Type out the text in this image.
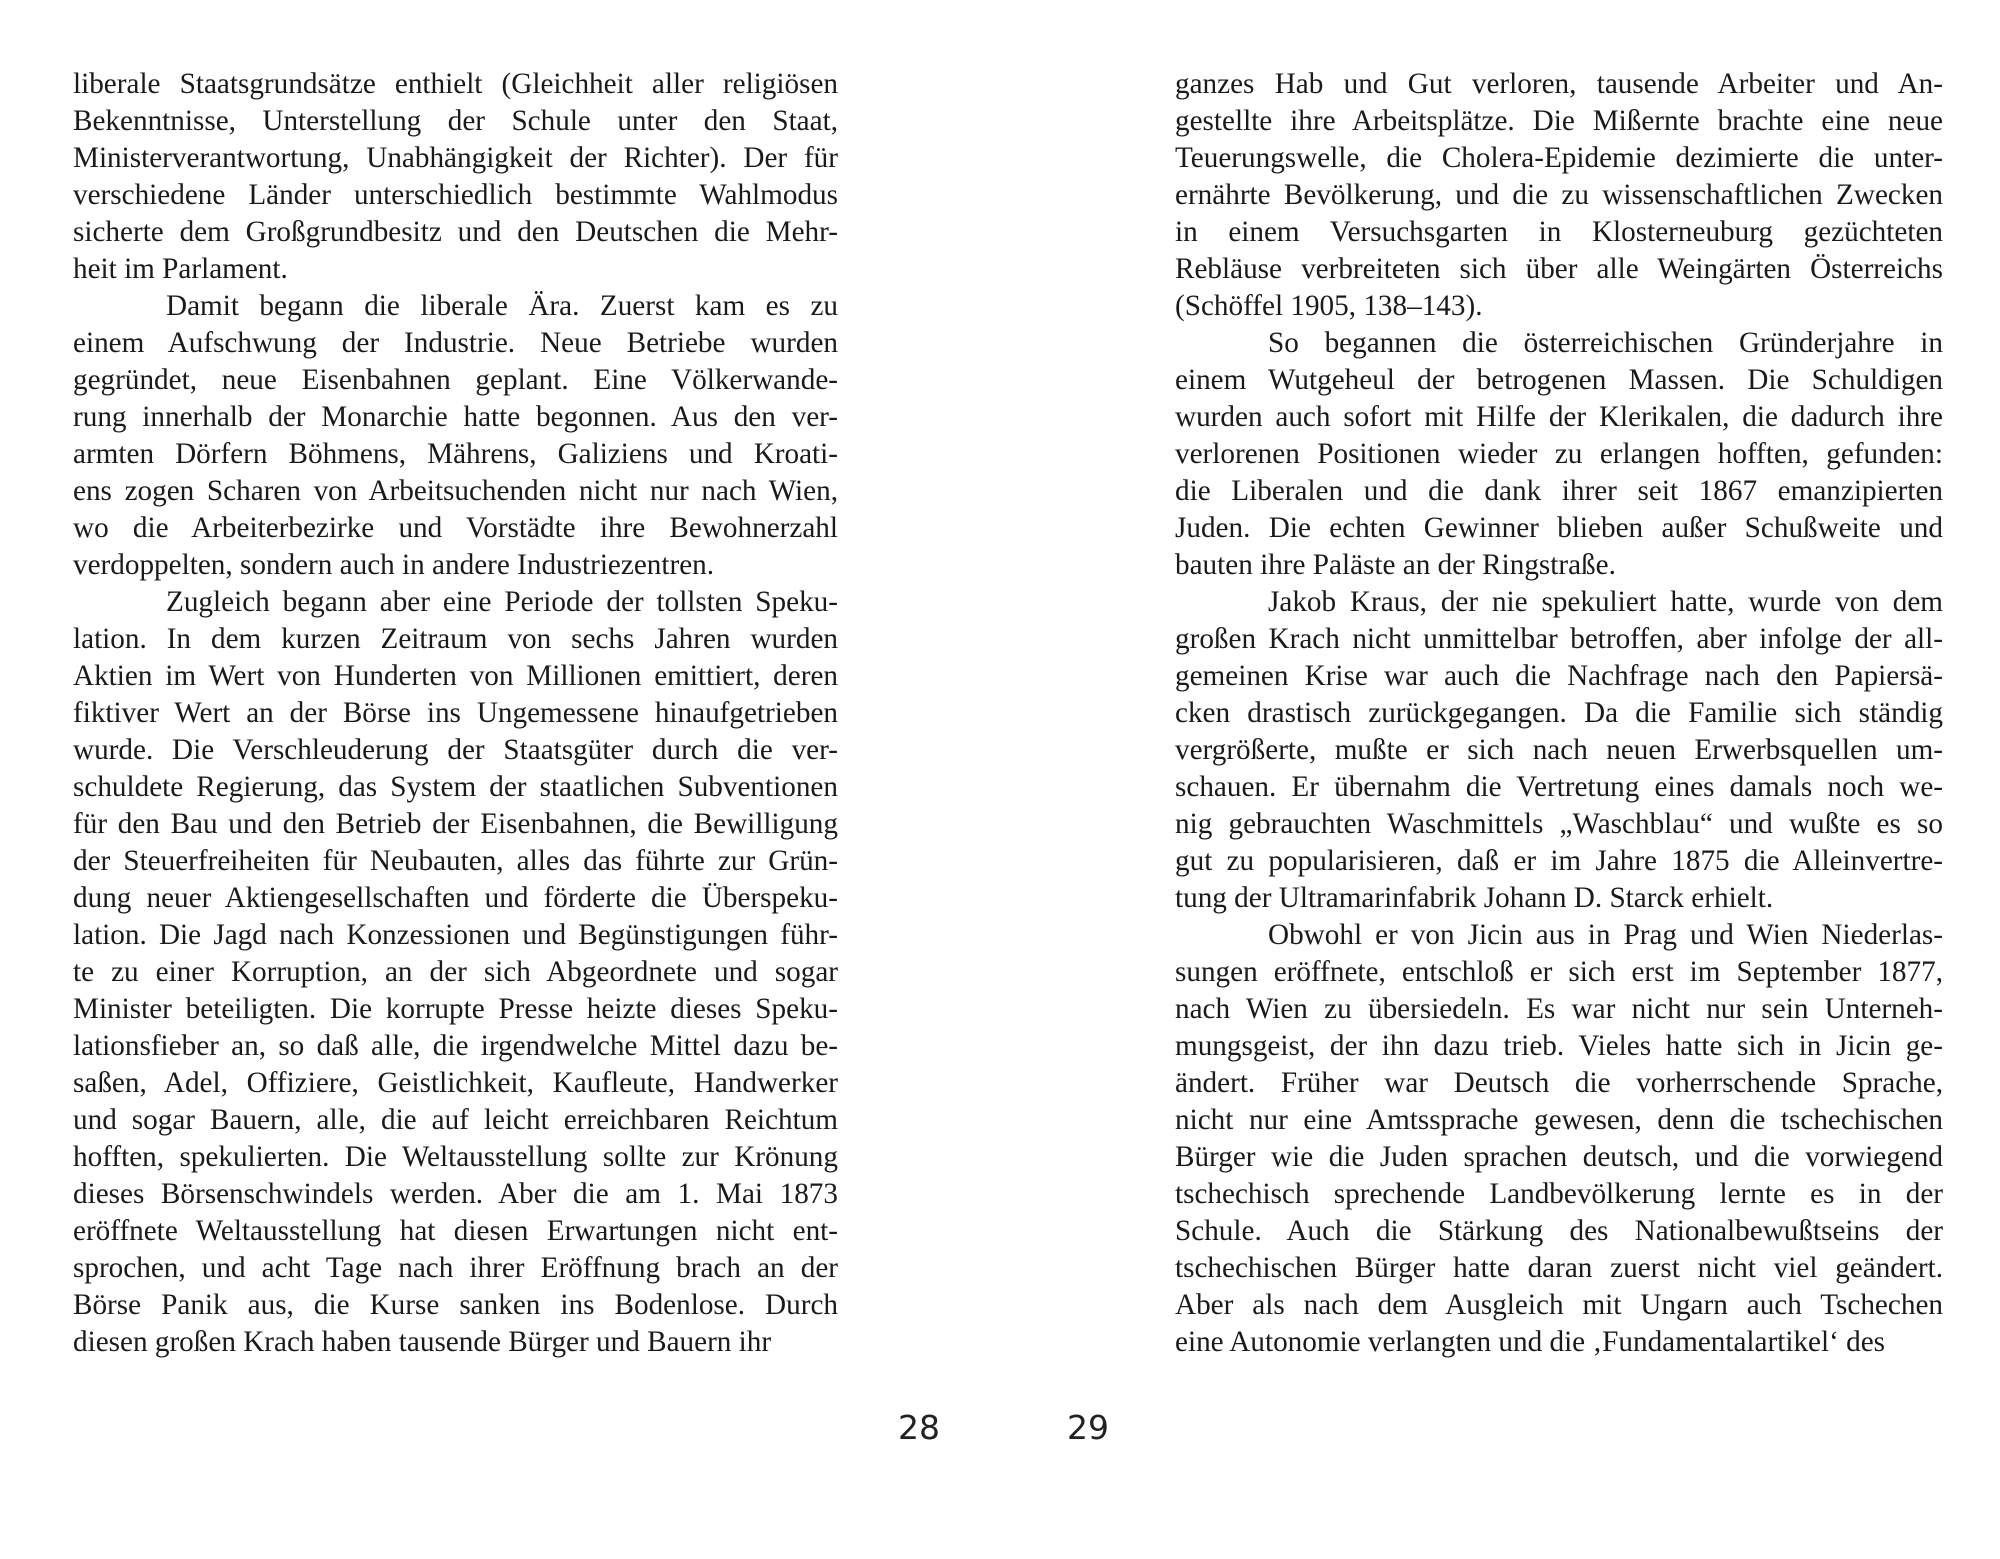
liberale Staatsgrundsätze enthielt (Gleichheit aller religiösen
Bekenntnisse, Unterstellung der Schule unter den Staat,
Ministerverantwortung, Unabhängigkeit der Richter). Der für
verschiedene Länder unterschiedlich bestimmte Wahlmodus
sicherte dem Großgrundbesitz und den Deutschen die Mehr-
heit im Parlament.
Damit begann die liberale Ära. Zuerst kam es zu
einem Aufschwung der Industrie. Neue Betriebe wurden
gegründet, neue Eisenbahnen geplant. Eine Völkerwande-
rung innerhalb der Monarchie hatte begonnen. Aus den ver-
armten Dörfern Böhmens, Mährens, Galiziens und Kroati-
ens zogen Scharen von Arbeitsuchenden nicht nur nach Wien,
wo die Arbeiterbezirke und Vorstädte ihre Bewohnerzahl
verdoppelten, sondern auch in andere Industriezentren.
Zugleich begann aber eine Periode der tollsten Speku-
lation. In dem kurzen Zeitraum von sechs Jahren wurden
Aktien im Wert von Hunderten von Millionen emittiert, deren
fiktiver Wert an der Börse ins Ungemessene hinaufgetrieben
wurde. Die Verschleuderung der Staatsgüter durch die ver-
schuldete Regierung, das System der staatlichen Subventionen
für den Bau und den Betrieb der Eisenbahnen, die Bewilligung
der Steuerfreiheiten für Neubauten, alles das führte zur Grün-
dung neuer Aktiengesellschaften und förderte die Überspeku-
lation. Die Jagd nach Konzessionen und Begünstigungen führ-
te zu einer Korruption, an der sich Abgeordnete und sogar
Minister beteiligten. Die korrupte Presse heizte dieses Speku-
lationsfieber an, so daß alle, die irgendwelche Mittel dazu be-
saßen, Adel, Offiziere, Geistlichkeit, Kaufleute, Handwerker
und sogar Bauern, alle, die auf leicht erreichbaren Reichtum
hofften, spekulierten. Die Weltausstellung sollte zur Krönung
dieses Börsenschwindels werden. Aber die am 1. Mai 1873
eröffnete Weltausstellung hat diesen Erwartungen nicht ent-
sprochen, und acht Tage nach ihrer Eröffnung brach an der
Börse Panik aus, die Kurse sanken ins Bodenlose. Durch
diesen großen Krach haben tausende Bürger und Bauern ihr
ganzes Hab und Gut verloren, tausende Arbeiter und An-
gestellte ihre Arbeitsplätze. Die Mißernte brachte eine neue
Teuerungswelle, die Cholera-Epidemie dezimierte die unter-
ernährte Bevölkerung, und die zu wissenschaftlichen Zwecken
in einem Versuchsgarten in Klosterneuburg gezüchteten
Rebläuse verbreiteten sich über alle Weingärten Österreichs
(Schöffel 1905, 138–143).
So begannen die österreichischen Gründerjahre in
einem Wutgeheul der betrogenen Massen. Die Schuldigen
wurden auch sofort mit Hilfe der Klerikalen, die dadurch ihre
verlorenen Positionen wieder zu erlangen hofften, gefunden:
die Liberalen und die dank ihrer seit 1867 emanzipierten
Juden. Die echten Gewinner blieben außer Schußweite und
bauten ihre Paläste an der Ringstraße.
Jakob Kraus, der nie spekuliert hatte, wurde von dem
großen Krach nicht unmittelbar betroffen, aber infolge der all-
gemeinen Krise war auch die Nachfrage nach den Papiersä-
cken drastisch zurückgegangen. Da die Familie sich ständig
vergrößerte, mußte er sich nach neuen Erwerbsquellen um-
schauen. Er übernahm die Vertretung eines damals noch we-
nig gebrauchten Waschmittels „Waschblau“ und wußte es so
gut zu popularisieren, daß er im Jahre 1875 die Alleinvertre-
tung der Ultramarinfabrik Johann D. Starck erhielt.
Obwohl er von Jicin aus in Prag und Wien Niederlas-
sungen eröffnete, entschloß er sich erst im September 1877,
nach Wien zu übersiedeln. Es war nicht nur sein Unterneh-
mungsgeist, der ihn dazu trieb. Vieles hatte sich in Jicin ge-
ändert. Früher war Deutsch die vorherrschende Sprache,
nicht nur eine Amtssprache gewesen, denn die tschechischen
Bürger wie die Juden sprachen deutsch, und die vorwiegend
tschechisch sprechende Landbevölkerung lernte es in der
Schule. Auch die Stärkung des Nationalbewußtseins der
tschechischen Bürger hatte daran zuerst nicht viel geändert.
Aber als nach dem Ausgleich mit Ungarn auch Tschechen
eine Autonomie verlangten und die ‚Fundamentalartikel‘ des
28	29
